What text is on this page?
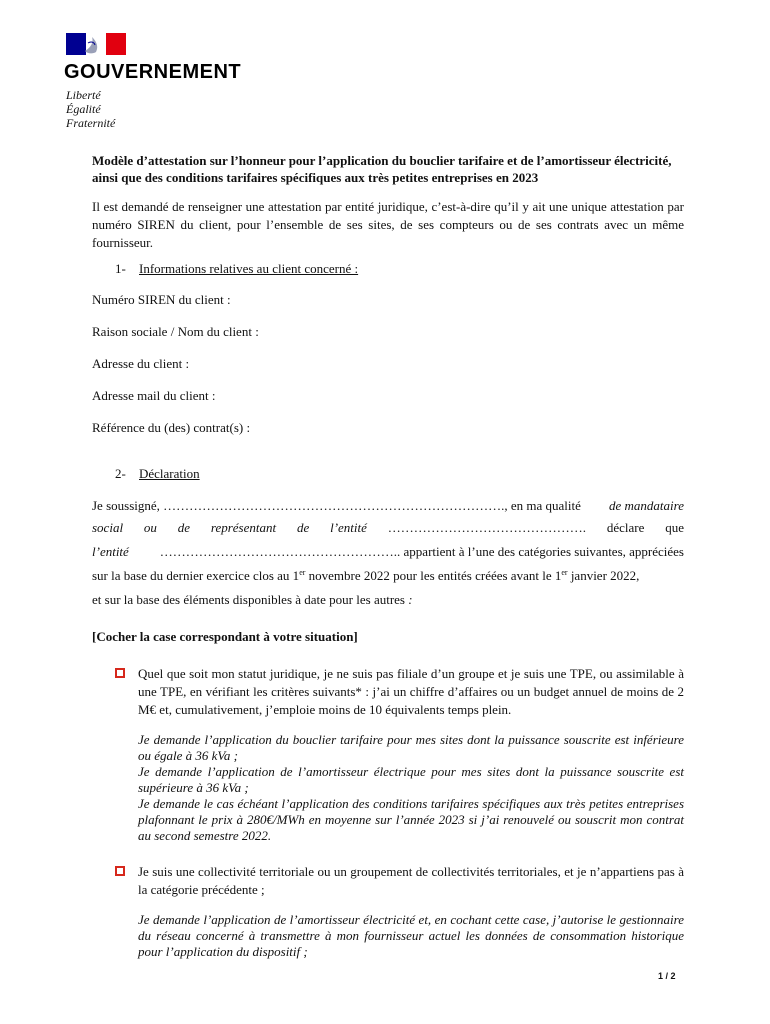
GOUVERNEMENT
Liberté
Égalité
Fraternité
Modèle d’attestation sur l’honneur pour l’application du bouclier tarifaire et de l’amortisseur électricité, ainsi que des conditions tarifaires spécifiques aux très petites entreprises en 2023
Il est demandé de renseigner une attestation par entité juridique, c’est-à-dire qu’il y ait une unique attestation par numéro SIREN du client, pour l’ensemble de ses sites, de ses compteurs ou de ses contrats avec un même fournisseur.
1- Informations relatives au client concerné :
Numéro SIREN du client :
Raison sociale / Nom du client :
Adresse du client :
Adresse mail du client :
Référence du (des) contrat(s) :
2- Déclaration
Je soussigné, ……………………………………………………………………., en ma qualité de mandataire
social ou de représentant de l’entité ………………………………………. déclare que
l’entité ……………………………………………….. appartient à l’une des catégories suivantes, appréciées
sur la base du dernier exercice clos au 1er novembre 2022 pour les entités créées avant le 1er janvier 2022,
et sur la base des éléments disponibles à date pour les autres :
[Cocher la case correspondant à votre situation]
Quel que soit mon statut juridique, je ne suis pas filiale d’un groupe et je suis une TPE, ou assimilable à une TPE, en vérifiant les critères suivants* : j’ai un chiffre d’affaires ou un budget annuel de moins de 2 M€ et, cumulativement, j’emploie moins de 10 équivalents temps plein.
Je demande l’application du bouclier tarifaire pour mes sites dont la puissance souscrite est inférieure ou égale à 36 kVa ;
Je demande l’application de l’amortisseur électrique pour mes sites dont la puissance souscrite est supérieure à 36 kVa ;
Je demande le cas échéant l’application des conditions tarifaires spécifiques aux très petites entreprises plafonnant le prix à 280€/MWh en moyenne sur l’année 2023 si j’ai renouvelé ou souscrit mon contrat au second semestre 2022.
Je suis une collectivité territoriale ou un groupement de collectivités territoriales, et je n’appartiens pas à la catégorie précédente ;
Je demande l’application de l’amortisseur électricité et, en cochant cette case, j’autorise le gestionnaire du réseau concerné à transmettre à mon fournisseur actuel les données de consommation historique pour l’application du dispositif ;
1 / 2
